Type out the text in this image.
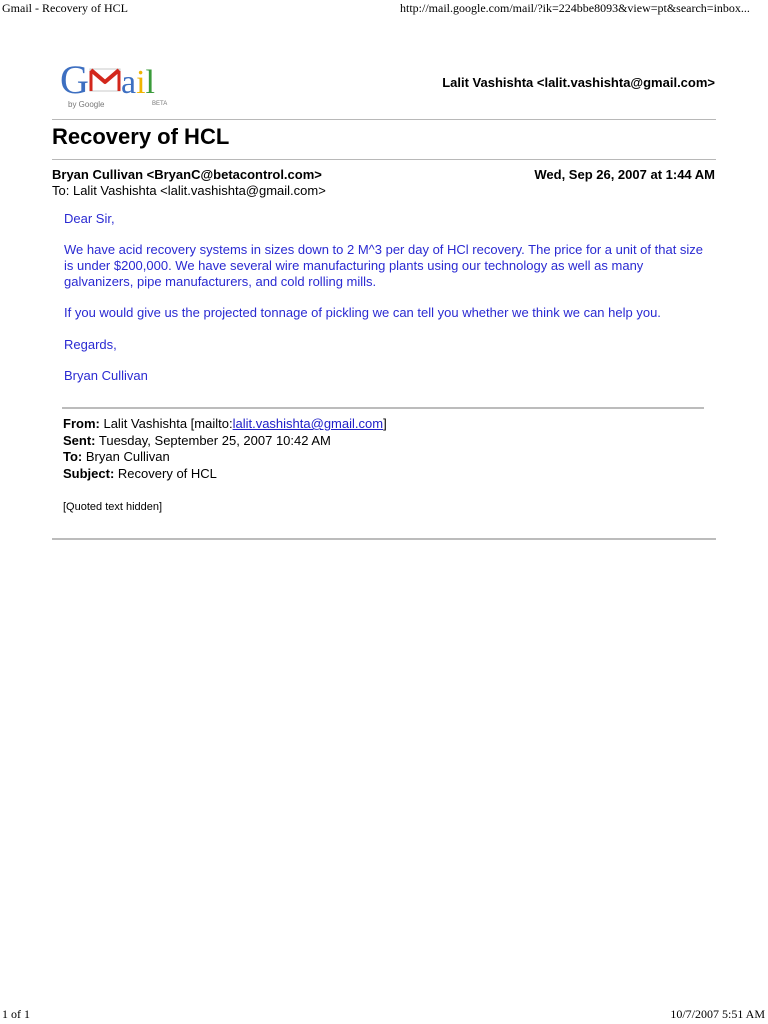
Gmail - Recovery of HCL	http://mail.google.com/mail/?ik=224bbe8093&view=pt&search=inbox...
G ail
by Google	BETA
Lalit Vashishta <lalit.vashishta@gmail.com>
Recovery of HCL
Bryan Cullivan <BryanC@betacontrol.com>	Wed, Sep 26, 2007 at 1:44 AM
To: Lalit Vashishta <lalit.vashishta@gmail.com>
Dear Sir,
We have acid recovery systems in sizes down to 2 M^3 per day of HCl recovery. The price for a unit of that size is under $200,000. We have several wire manufacturing plants using our technology as well as many galvanizers, pipe manufacturers, and cold rolling mills.
If you would give us the projected tonnage of pickling we can tell you whether we think we can help you.
Regards,
Bryan Cullivan
From: Lalit Vashishta [mailto:lalit.vashishta@gmail.com]
Sent: Tuesday, September 25, 2007 10:42 AM
To: Bryan Cullivan
Subject: Recovery of HCL
[Quoted text hidden]
1 of 1	10/7/2007 5:51 AM
